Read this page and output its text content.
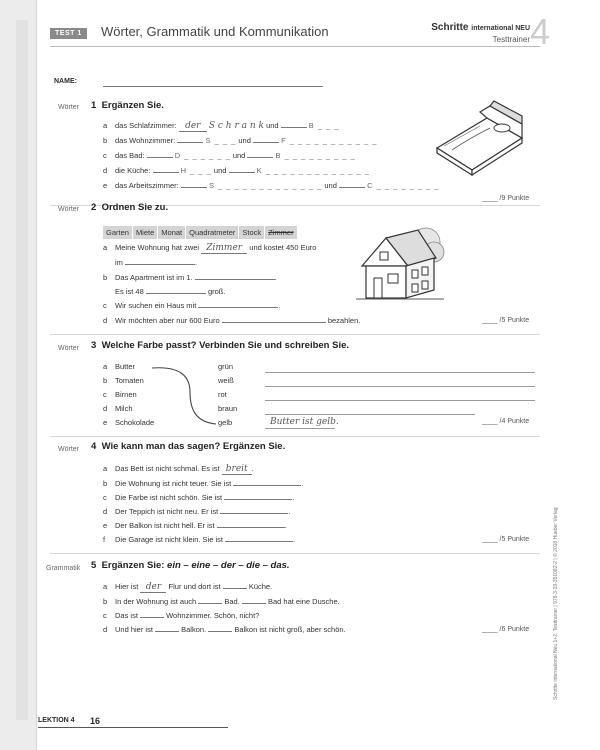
TEST 1	Wörter, Grammatik und Kommunikation	Schritte international NEU
Testtrainer 4
NAME:
Wörter 1 Ergänzen Sie.
a das Schlafzimmer: der S c h r a n k und	B _ _ _
b das Wohnzimmer:	S _ _ _ und	F _ _ _ _ _ _ _ _ _ _ _
c das Bad:	D _ _ _ _ _ _ und	B _ _ _ _ _ _ _ _ _
d die Küche:	H _ _ _ und	K _ _ _ _ _ _ _ _ _ _ _ _ _
e das Arbeitszimmer:	S _ _ _ _ _ _ _ _ _ _ _ _ _ und	C _ _ _ _ _ _ _ _
____ /9 Punkte
Wörter 2 Ordnen Sie zu.
Garten Miete Monat Quadratmeter Stock Zimmer
a Meine Wohnung hat zwei Zimmer und kostet 450 Euro
im	.
b Das Apartment ist im 1.	.
Es ist 48	groß.
c Wir suchen ein Haus mit	.
d Wir möchten aber nur 600 Euro	bezahlen.	____ /5 Punkte
Wörter 3 Welche Farbe passt? Verbinden Sie und schreiben Sie.
a Butter
b Tomaten
c Birnen
d Milch
e Schokolade
grün
weiß
rot
braun
gelb	Butter ist gelb.	____ /4 Punkte
Wörter 4 Wie kann man das sagen? Ergänzen Sie.
a Das Bett ist nicht schmal. Es ist breit .
b Die Wohnung ist nicht teuer. Sie ist	.
c Die Farbe ist nicht schön. Sie ist	.
d Der Teppich ist nicht neu. Er ist	.
e Der Balkon ist nicht hell. Er ist	.
f Die Garage ist nicht klein. Sie ist	.	____ /5 Punkte
Grammatik 5 Ergänzen Sie: ein – eine – der – die – das.
a Hier ist der Flur und dort ist	Küche.
b In der Wohnung ist auch	Bad.	Bad hat eine Dusche.
c Das ist	Wohnzimmer. Schön, nicht?
d Und hier ist	Balkon.	Balkon ist nicht groß, aber schön.	____ /6 Punkte	Schritte international Neu 1+2, Testtrainer | 978-3-19-351082-2 | © 2018 Hueber Verlag
LEKTION 4 16
